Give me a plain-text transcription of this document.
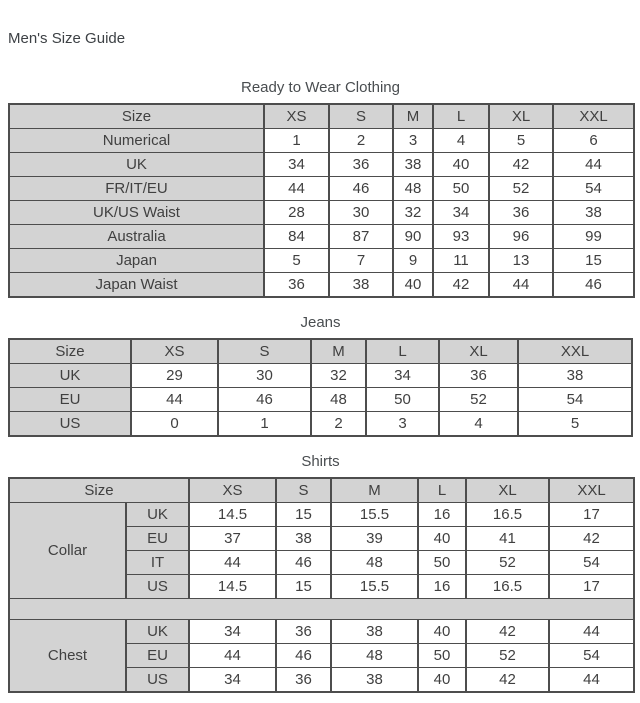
Men's Size Guide
Ready to Wear Clothing
Size	XS	S	M	L	XL	XXL
Numerical	1	2	3	4	5	6
UK	34	36	38	40	42	44
FR/IT/EU	44	46	48	50	52	54
UK/US Waist	28	30	32	34	36	38
Australia	84	87	90	93	96	99
Japan	5	7	9	11	13	15
Japan Waist	36	38	40	42	44	46
Jeans
Size	XS	S	M	L	XL	XXL
UK	29	30	32	34	36	38
EU	44	46	48	50	52	54
US	0	1	2	3	4	5
Shirts
Size		XS	S	M	L	XL	XXL
Collar	UK	14.5	15	15.5	16	16.5	17
	EU	37	38	39	40	41	42
	IT	44	46	48	50	52	54
	US	14.5	15	15.5	16	16.5	17

Chest	UK	34	36	38	40	42	44
	EU	44	46	48	50	52	54
	US	34	36	38	40	42	44
